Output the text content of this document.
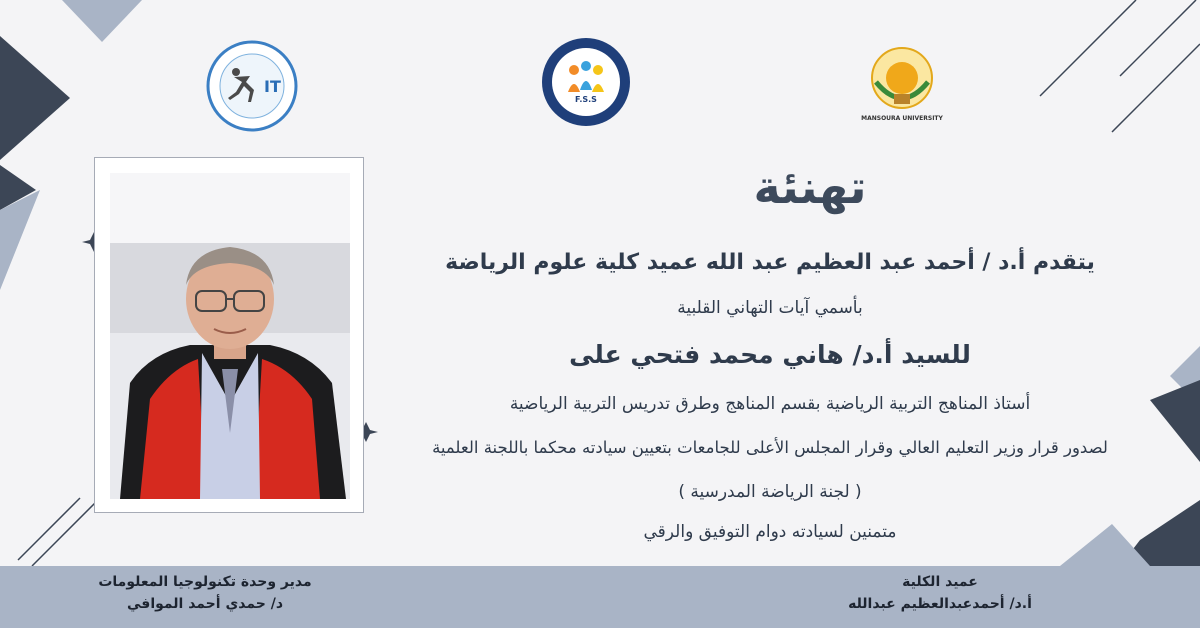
IT
F.S.S
MANSOURA UNIVERSITY
تهنئة
يتقدم أ.د / أحمد عبد العظيم عبد الله عميد كلية علوم الرياضة
بأسمي آيات التهاني القلبية
للسيد أ.د/ هاني محمد فتحي على
أستاذ المناهج التربية الرياضية بقسم المناهج وطرق تدريس التربية الرياضية
لصدور قرار وزير التعليم العالي وقرار المجلس الأعلى للجامعات بتعيين سيادته محكما باللجنة العلمية
( لجنة الرياضة المدرسية )
متمنين لسيادته دوام التوفيق والرقي
مدير وحدة تكنولوجيا المعلومات
د/ حمدي أحمد الموافي
عميد الكلية
أ.د/ أحمدعبدالعظيم عبدالله
